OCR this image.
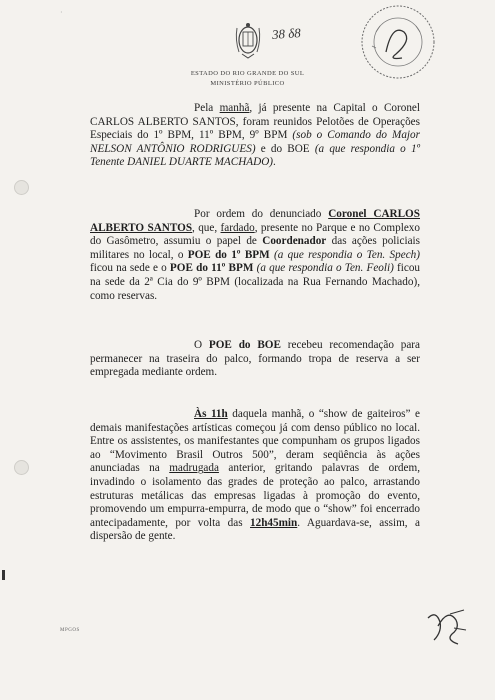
·
38 δ8
ESTADO DO RIO GRANDE DO SUL
MINISTÉRIO PÚBLICO
Pela manhã, já presente na Capital o Coronel CARLOS ALBERTO SANTOS, foram reunidos Pelotões de Operações Especiais do 1º BPM, 11º BPM, 9º BPM (sob o Comando do Major NELSON ANTÔNIO RODRIGUES) e do BOE (a que respondia o 1º Tenente DANIEL DUARTE MACHADO).
Por ordem do denunciado Coronel CARLOS ALBERTO SANTOS, que, fardado, presente no Parque e no Complexo do Gasômetro, assumiu o papel de Coordenador das ações policiais militares no local, o POE do 1º BPM (a que respondia o Ten. Spech) ficou na sede e o POE do 11º BPM (a que respondia o Ten. Feoli) ficou na sede da 2ª Cia do 9º BPM (localizada na Rua Fernando Machado), como reservas.
O POE do BOE recebeu recomendação para permanecer na traseira do palco, formando tropa de reserva a ser empregada mediante ordem.
Às 11h daquela manhã, o “show de gaiteiros” e demais manifestações artísticas começou já com denso público no local. Entre os assistentes, os manifestantes que compunham os grupos ligados ao “Movimento Brasil Outros 500”, deram seqüência às ações anunciadas na madrugada anterior, gritando palavras de ordem, invadindo o isolamento das grades de proteção ao palco, arrastando estruturas metálicas das empresas ligadas à promoção do evento, promovendo um empurra-empurra, de modo que o “show” foi encerrado antecipadamente, por volta das 12h45min. Aguardava-se, assim, a dispersão de gente.
MPGOS
